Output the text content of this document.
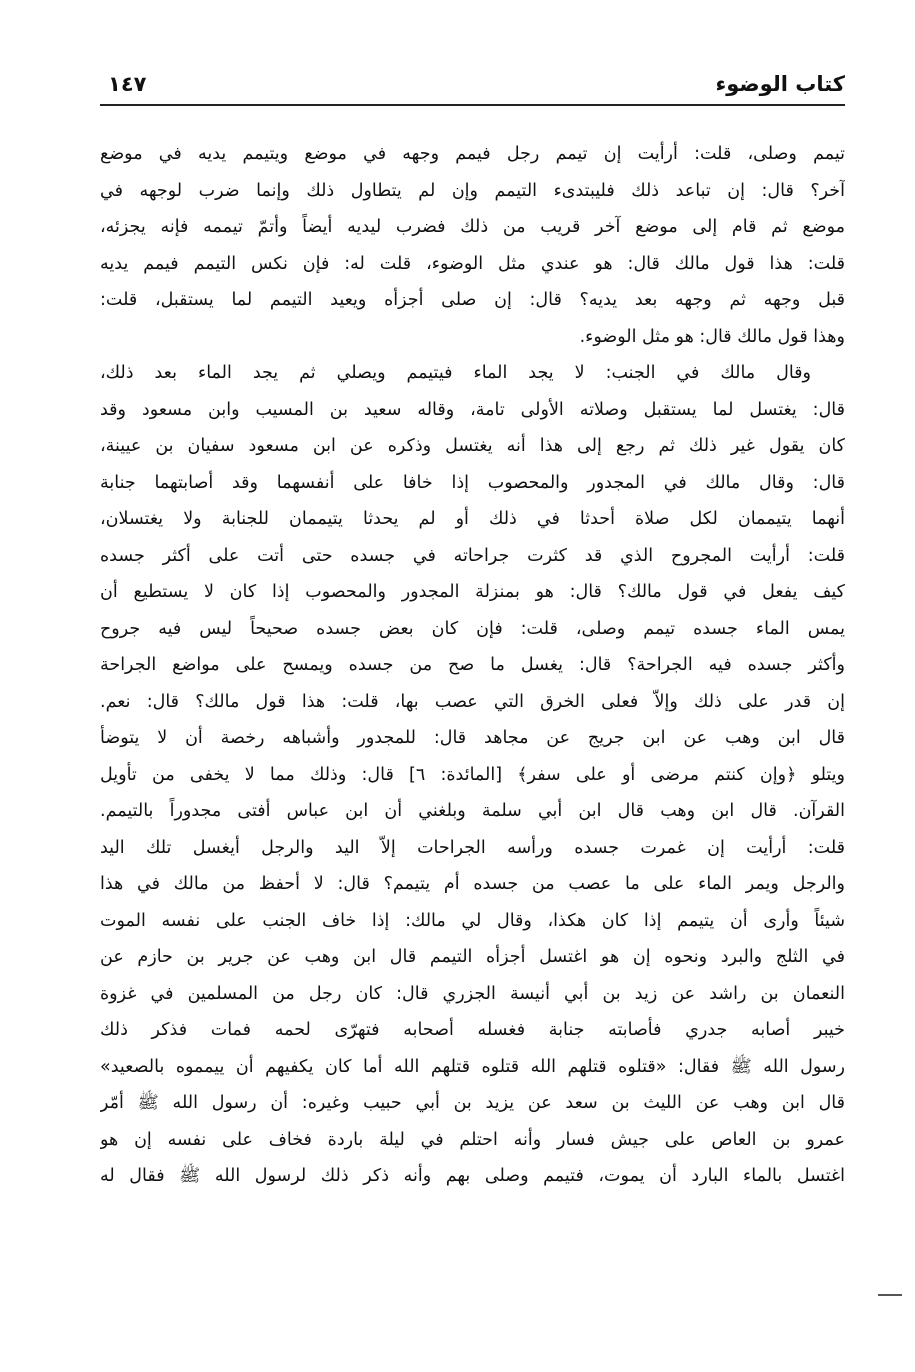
كتاب الوضوء
١٤٧
تيمم وصلى، قلت: أرأيت إن تيمم رجل فيمم وجهه في موضع ويتيمم يديه في موضع
آخر؟ قال: إن تباعد ذلك فليبتدىء التيمم وإن لم يتطاول ذلك وإنما ضرب لوجهه في
موضع ثم قام إلى موضع آخر قريب من ذلك فضرب ليديه أيضاً وأتمّ تيممه فإنه يجزئه،
قلت: هذا قول مالك قال: هو عندي مثل الوضوء، قلت له: فإن نكس التيمم فيمم يديه
قبل وجهه ثم وجهه بعد يديه؟ قال: إن صلى أجزأه ويعيد التيمم لما يستقبل، قلت:
وهذا قول مالك قال: هو مثل الوضوء.
وقال مالك في الجنب: لا يجد الماء فيتيمم ويصلي ثم يجد الماء بعد ذلك،
قال: يغتسل لما يستقبل وصلاته الأولى تامة، وقاله سعيد بن المسيب وابن مسعود وقد
كان يقول غير ذلك ثم رجع إلى هذا أنه يغتسل وذكره عن ابن مسعود سفيان بن عيينة،
قال: وقال مالك في المجدور والمحصوب إذا خافا على أنفسهما وقد أصابتهما جنابة
أنهما يتيممان لكل صلاة أحدثا في ذلك أو لم يحدثا يتيممان للجنابة ولا يغتسلان،
قلت: أرأيت المجروح الذي قد كثرت جراحاته في جسده حتى أتت على أكثر جسده
كيف يفعل في قول مالك؟ قال: هو بمنزلة المجدور والمحصوب إذا كان لا يستطيع أن
يمس الماء جسده تيمم وصلى، قلت: فإن كان بعض جسده صحيحاً ليس فيه جروح
وأكثر جسده فيه الجراحة؟ قال: يغسل ما صح من جسده ويمسح على مواضع الجراحة
إن قدر على ذلك وإلاّ فعلى الخرق التي عصب بها، قلت: هذا قول مالك؟ قال: نعم.
قال ابن وهب عن ابن جريج عن مجاهد قال: للمجدور وأشباهه رخصة أن لا يتوضأ
ويتلو ﴿وإن كنتم مرضى أو على سفر﴾ [المائدة: ٦] قال: وذلك مما لا يخفى من تأويل
القرآن. قال ابن وهب قال ابن أبي سلمة وبلغني أن ابن عباس أفتى مجدوراً بالتيمم.
قلت: أرأيت إن غمرت جسده ورأسه الجراحات إلاّ اليد والرجل أيغسل تلك اليد
والرجل ويمر الماء على ما عصب من جسده أم يتيمم؟ قال: لا أحفظ من مالك في هذا
شيئاً وأرى أن يتيمم إذا كان هكذا، وقال لي مالك: إذا خاف الجنب على نفسه الموت
في الثلج والبرد ونحوه إن هو اغتسل أجزأه التيمم قال ابن وهب عن جرير بن حازم عن
النعمان بن راشد عن زيد بن أبي أنيسة الجزري قال: كان رجل من المسلمين في غزوة
خيبر أصابه جدري فأصابته جنابة فغسله أصحابه فتهرّى لحمه فمات فذكر ذلك
رسول الله ﷺ فقال: «قتلوه قتلهم الله قتلوه قتلهم الله أما كان يكفيهم أن ييمموه بالصعيد»
قال ابن وهب عن الليث بن سعد عن يزيد بن أبي حبيب وغيره: أن رسول الله ﷺ أمّر
عمرو بن العاص على جيش فسار وأنه احتلم في ليلة باردة فخاف على نفسه إن هو
اغتسل بالماء البارد أن يموت، فتيمم وصلى بهم وأنه ذكر ذلك لرسول الله ﷺ فقال له
